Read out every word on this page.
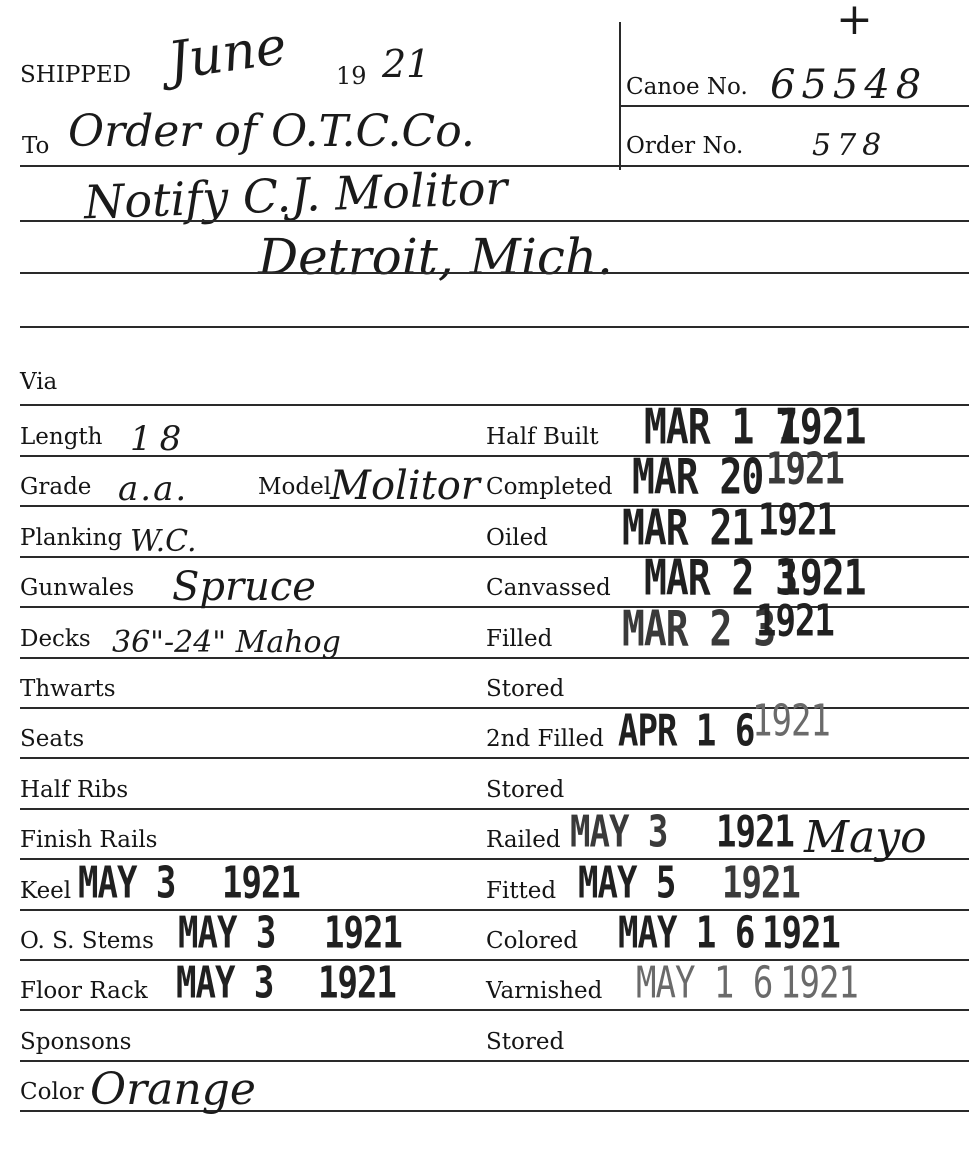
SHIPPED June 19 21
+
Canoe No. 65548
To Order of O.T.C.Co.	Order No. 578
Notify C.J. Molitor
Detroit, Mich.
Via
Length 18
Grade a.a.	Model
Molitor
Planking W.C.
Gunwales Spruce
Decks 36"-24" Mahog
Thwarts
Seats
Half Ribs
Finish Rails
Keel MAY 3 1921
O. S. Stems MAY 3 1921
Floor Rack MAY 3 1921
Sponsons
Color Orange
Half Built MAR 1 7
1921
Completed MAR 20 1921
Oiled MAR 21 1921
Canvassed MAR 2 3
1921
Filled MAR 2 3
1921
Stored
2nd Filled APR 1 6
1921
Stored
Railed MAY 3 1921 Mayo
Fitted MAY 5 1921
Colored MAY 1 6 1921
Varnished MAY 1 6 1921
Stored
